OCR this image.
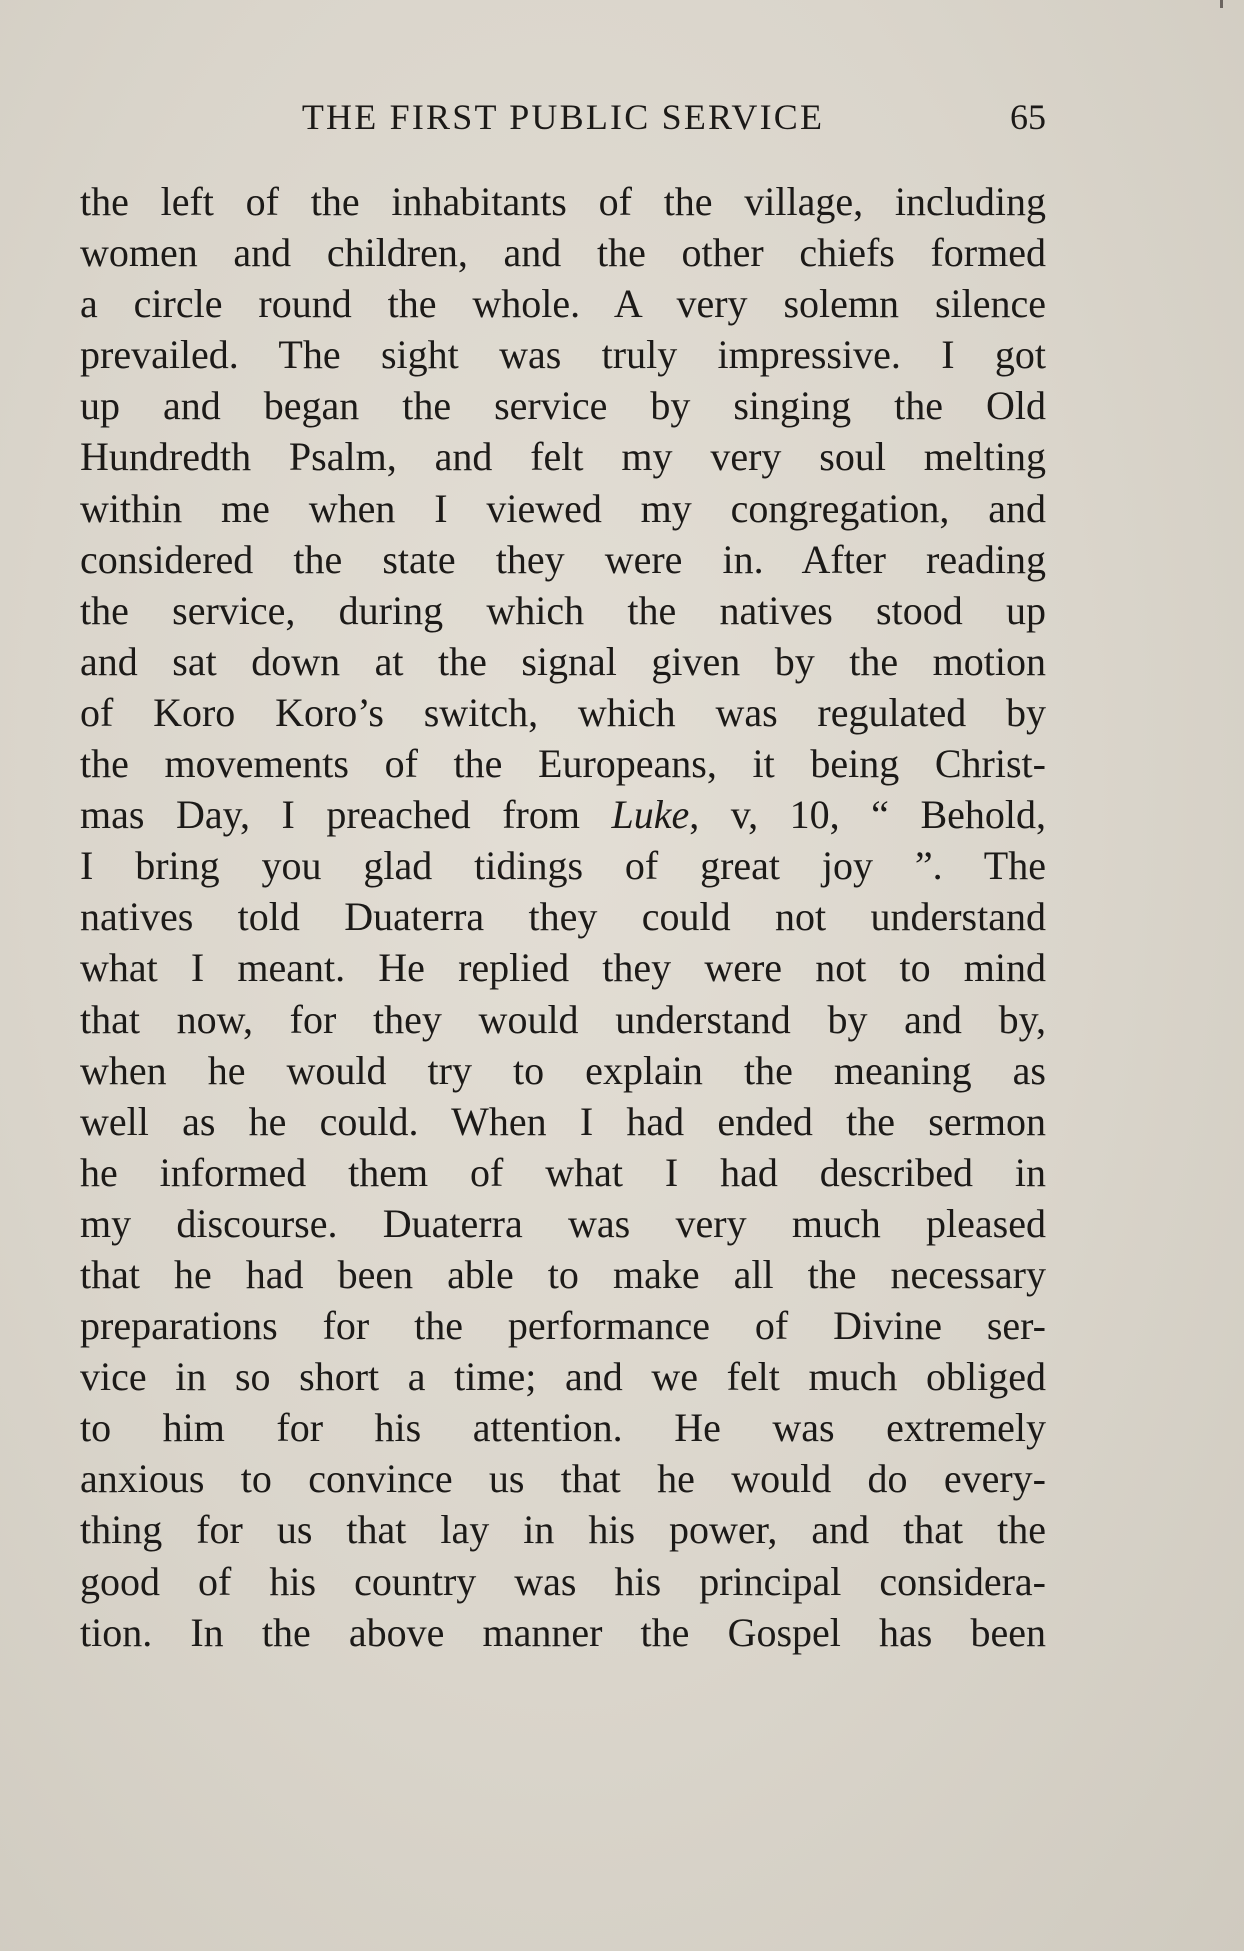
THE FIRST PUBLIC SERVICE	65
the left of the inhabitants of the village, including
women and children, and the other chiefs formed
a circle round the whole. A very solemn silence
prevailed. The sight was truly impressive. I got
up and began the service by singing the Old
Hundredth Psalm, and felt my very soul melting
within me when I viewed my congregation, and
considered the state they were in. After reading
the service, during which the natives stood up
and sat down at the signal given by the motion
of Koro Koro’s switch, which was regulated by
the movements of the Europeans, it being Christ-
mas Day, I preached from Luke, v, 10, “ Behold,
I bring you glad tidings of great joy ”. The
natives told Duaterra they could not understand
what I meant. He replied they were not to mind
that now, for they would understand by and by,
when he would try to explain the meaning as
well as he could. When I had ended the sermon
he informed them of what I had described in
my discourse. Duaterra was very much pleased
that he had been able to make all the necessary
preparations for the performance of Divine ser-
vice in so short a time; and we felt much obliged
to him for his attention. He was extremely
anxious to convince us that he would do every-
thing for us that lay in his power, and that the
good of his country was his principal considera-
tion. In the above manner the Gospel has been
